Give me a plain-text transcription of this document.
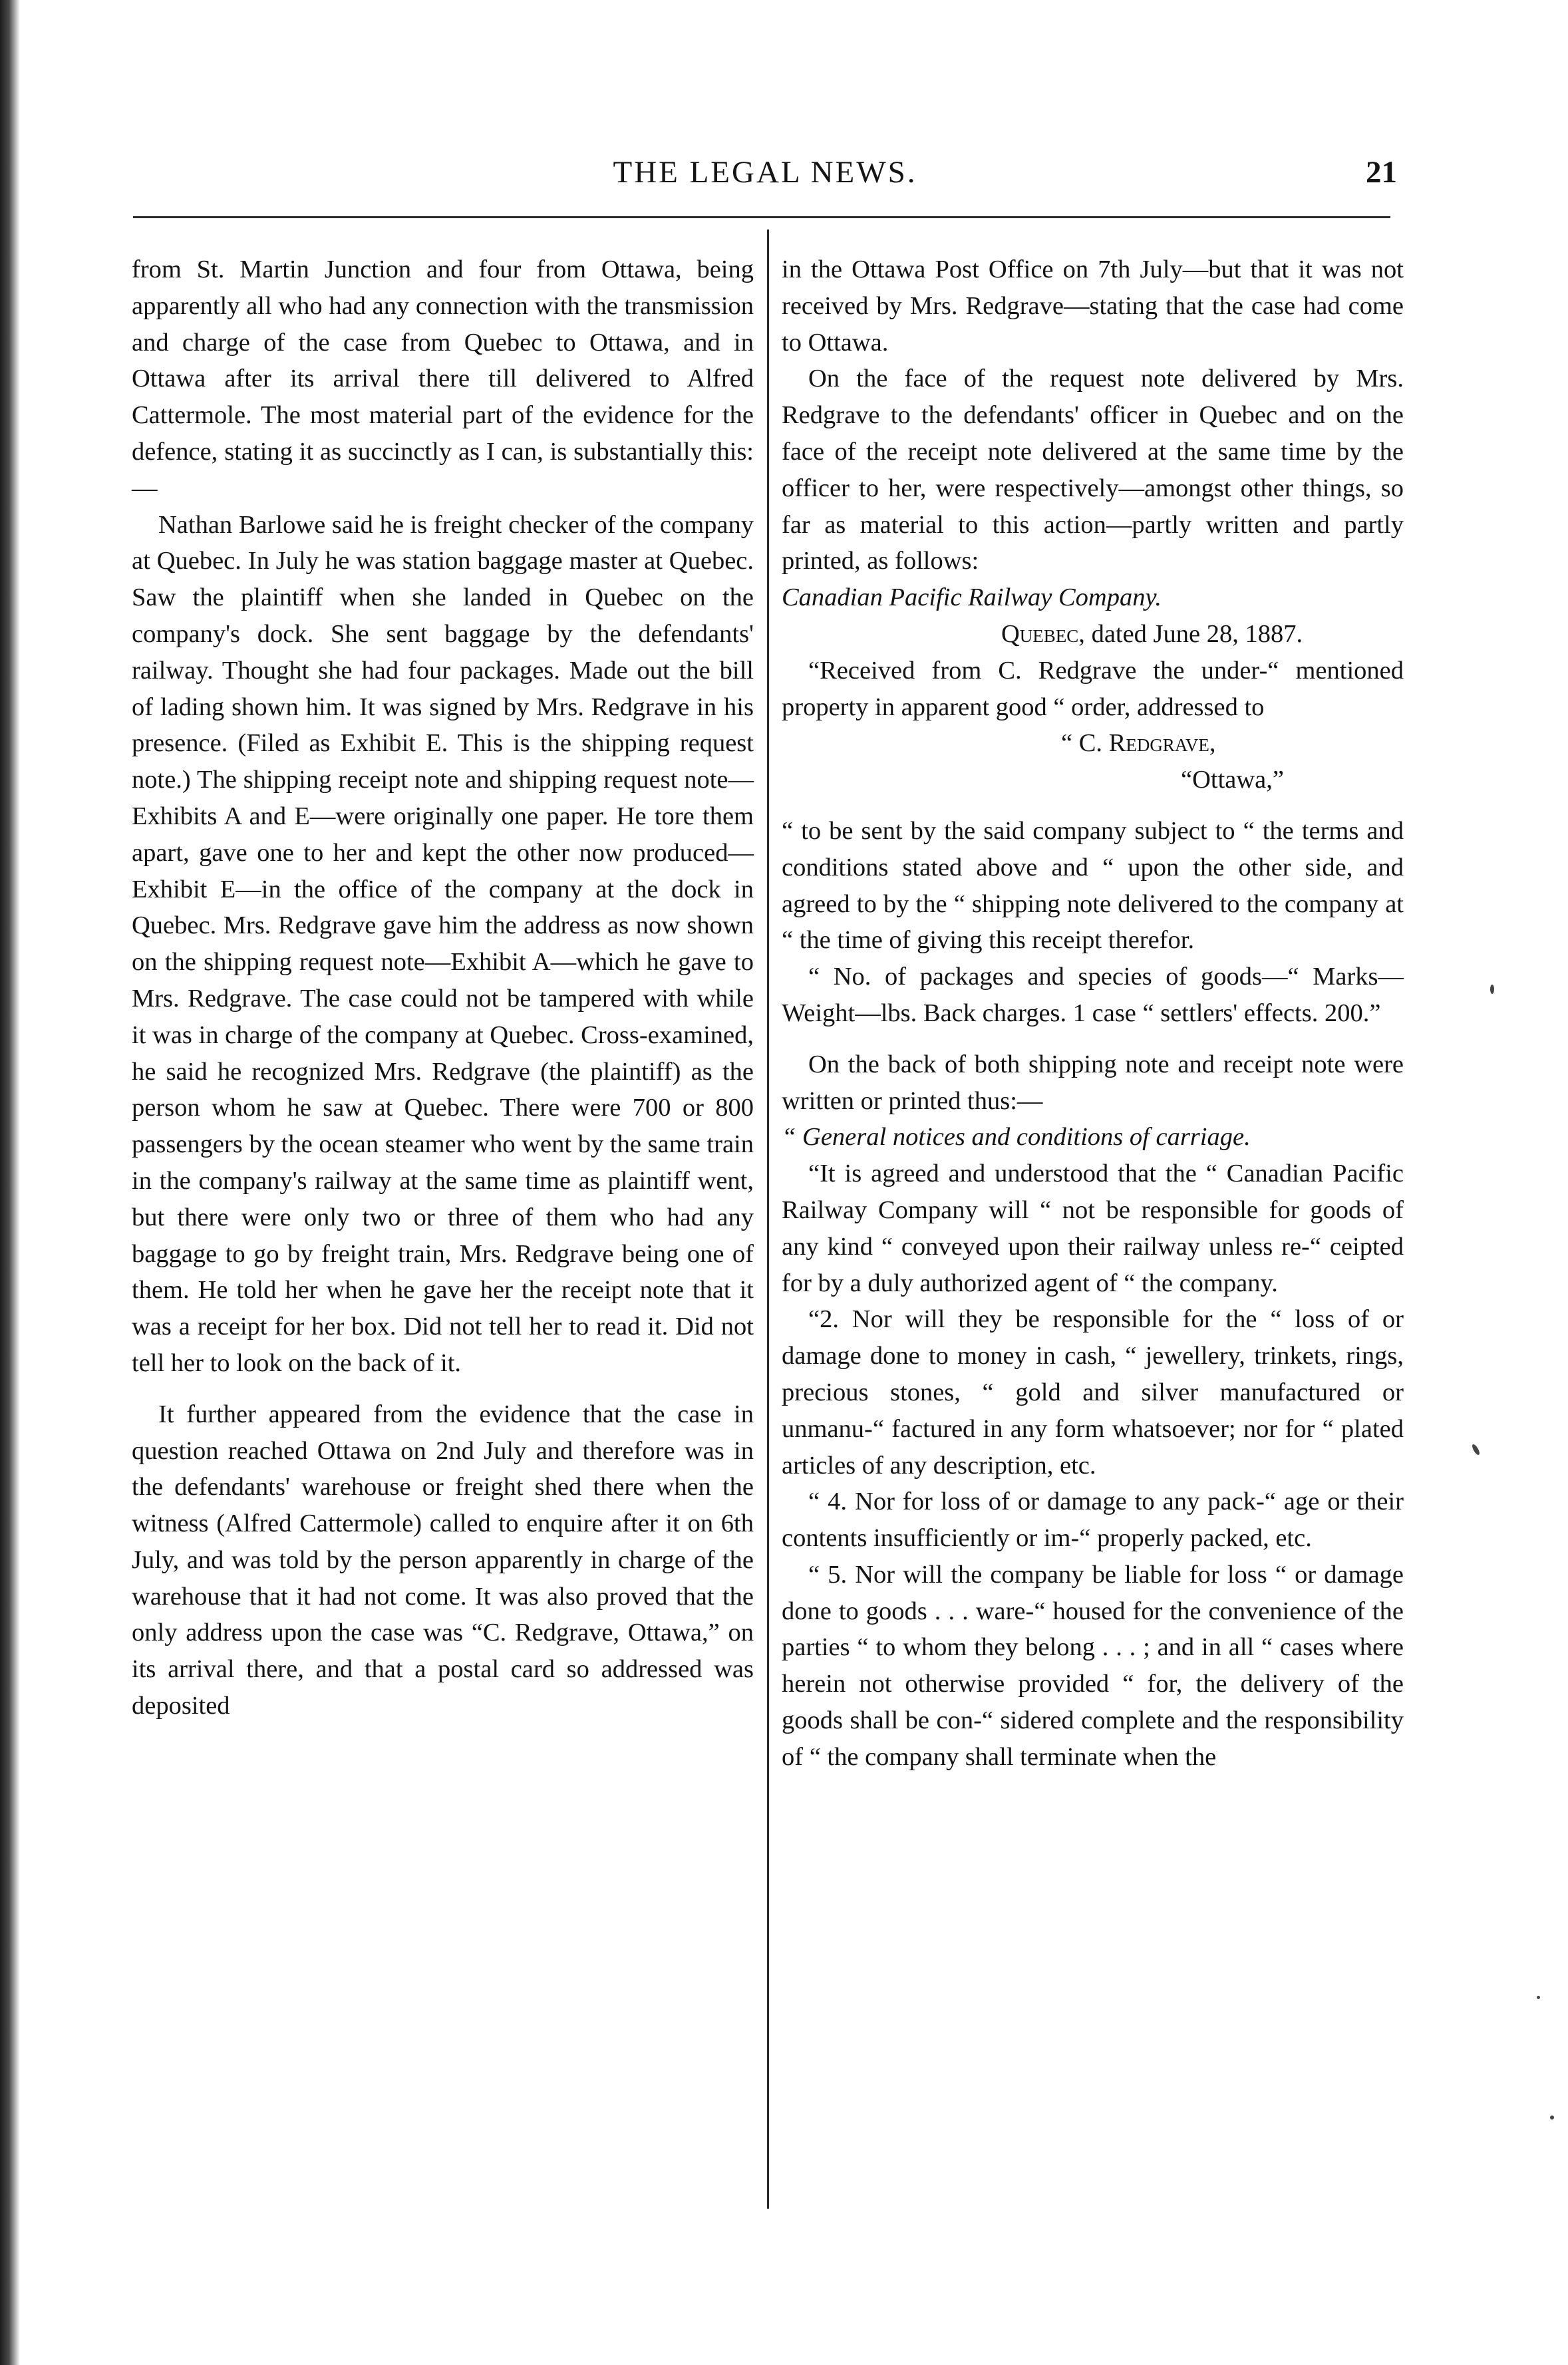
THE LEGAL NEWS.	21

from St. Martin Junction and four from Ottawa, being apparently all who had any connection with the transmission and charge of the case from Quebec to Ottawa, and in Ottawa after its arrival there till delivered to Alfred Cattermole. The most material part of the evidence for the defence, stating it as succinctly as I can, is substantially this:—

Nathan Barlowe said he is freight checker of the company at Quebec. In July he was station baggage master at Quebec. Saw the plaintiff when she landed in Quebec on the company's dock. She sent baggage by the defendants' railway. Thought she had four packages. Made out the bill of lading shown him. It was signed by Mrs. Redgrave in his presence. (Filed as Exhibit E. This is the shipping request note.) The shipping receipt note and shipping request note—Exhibits A and E—were originally one paper. He tore them apart, gave one to her and kept the other now produced—Exhibit E—in the office of the company at the dock in Quebec. Mrs. Redgrave gave him the address as now shown on the shipping request note—Exhibit A—which he gave to Mrs. Redgrave. The case could not be tampered with while it was in charge of the company at Quebec. Cross-examined, he said he recognized Mrs. Redgrave (the plaintiff) as the person whom he saw at Quebec. There were 700 or 800 passengers by the ocean steamer who went by the same train in the company's railway at the same time as plaintiff went, but there were only two or three of them who had any baggage to go by freight train, Mrs. Redgrave being one of them. He told her when he gave her the receipt note that it was a receipt for her box. Did not tell her to read it. Did not tell her to look on the back of it.

It further appeared from the evidence that the case in question reached Ottawa on 2nd July and therefore was in the defendants' warehouse or freight shed there when the witness (Alfred Cattermole) called to enquire after it on 6th July, and was told by the person apparently in charge of the warehouse that it had not come. It was also proved that the only address upon the case was “C. Redgrave, Ottawa,” on its arrival there, and that a postal card so addressed was deposited

in the Ottawa Post Office on 7th July—but that it was not received by Mrs. Redgrave—stating that the case had come to Ottawa.

On the face of the request note delivered by Mrs. Redgrave to the defendants' officer in Quebec and on the face of the receipt note delivered at the same time by the officer to her, were respectively—amongst other things, so far as material to this action—partly written and partly printed, as follows:

Canadian Pacific Railway Company.

Quebec, dated June 28, 1887.

“Received from C. Redgrave the under-“ mentioned property in apparent good “ order, addressed to

“ C. Redgrave,

“Ottawa,”

“ to be sent by the said company subject to “ the terms and conditions stated above and “ upon the other side, and agreed to by the “ shipping note delivered to the company at “ the time of giving this receipt therefor.

“ No. of packages and species of goods—“ Marks—Weight—lbs. Back charges. 1 case “ settlers' effects. 200.”

On the back of both shipping note and receipt note were written or printed thus:—

“ General notices and conditions of carriage.

“It is agreed and understood that the “ Canadian Pacific Railway Company will “ not be responsible for goods of any kind “ conveyed upon their railway unless re-“ ceipted for by a duly authorized agent of “ the company.

“2. Nor will they be responsible for the “ loss of or damage done to money in cash, “ jewellery, trinkets, rings, precious stones, “ gold and silver manufactured or unmanu-“ factured in any form whatsoever; nor for “ plated articles of any description, etc.

“ 4. Nor for loss of or damage to any pack-“ age or their contents insufficiently or im-“ properly packed, etc.

“ 5. Nor will the company be liable for loss “ or damage done to goods . . . ware-“ housed for the convenience of the parties “ to whom they belong . . . ; and in all “ cases where herein not otherwise provided “ for, the delivery of the goods shall be con-“ sidered complete and the responsibility of “ the company shall terminate when the
